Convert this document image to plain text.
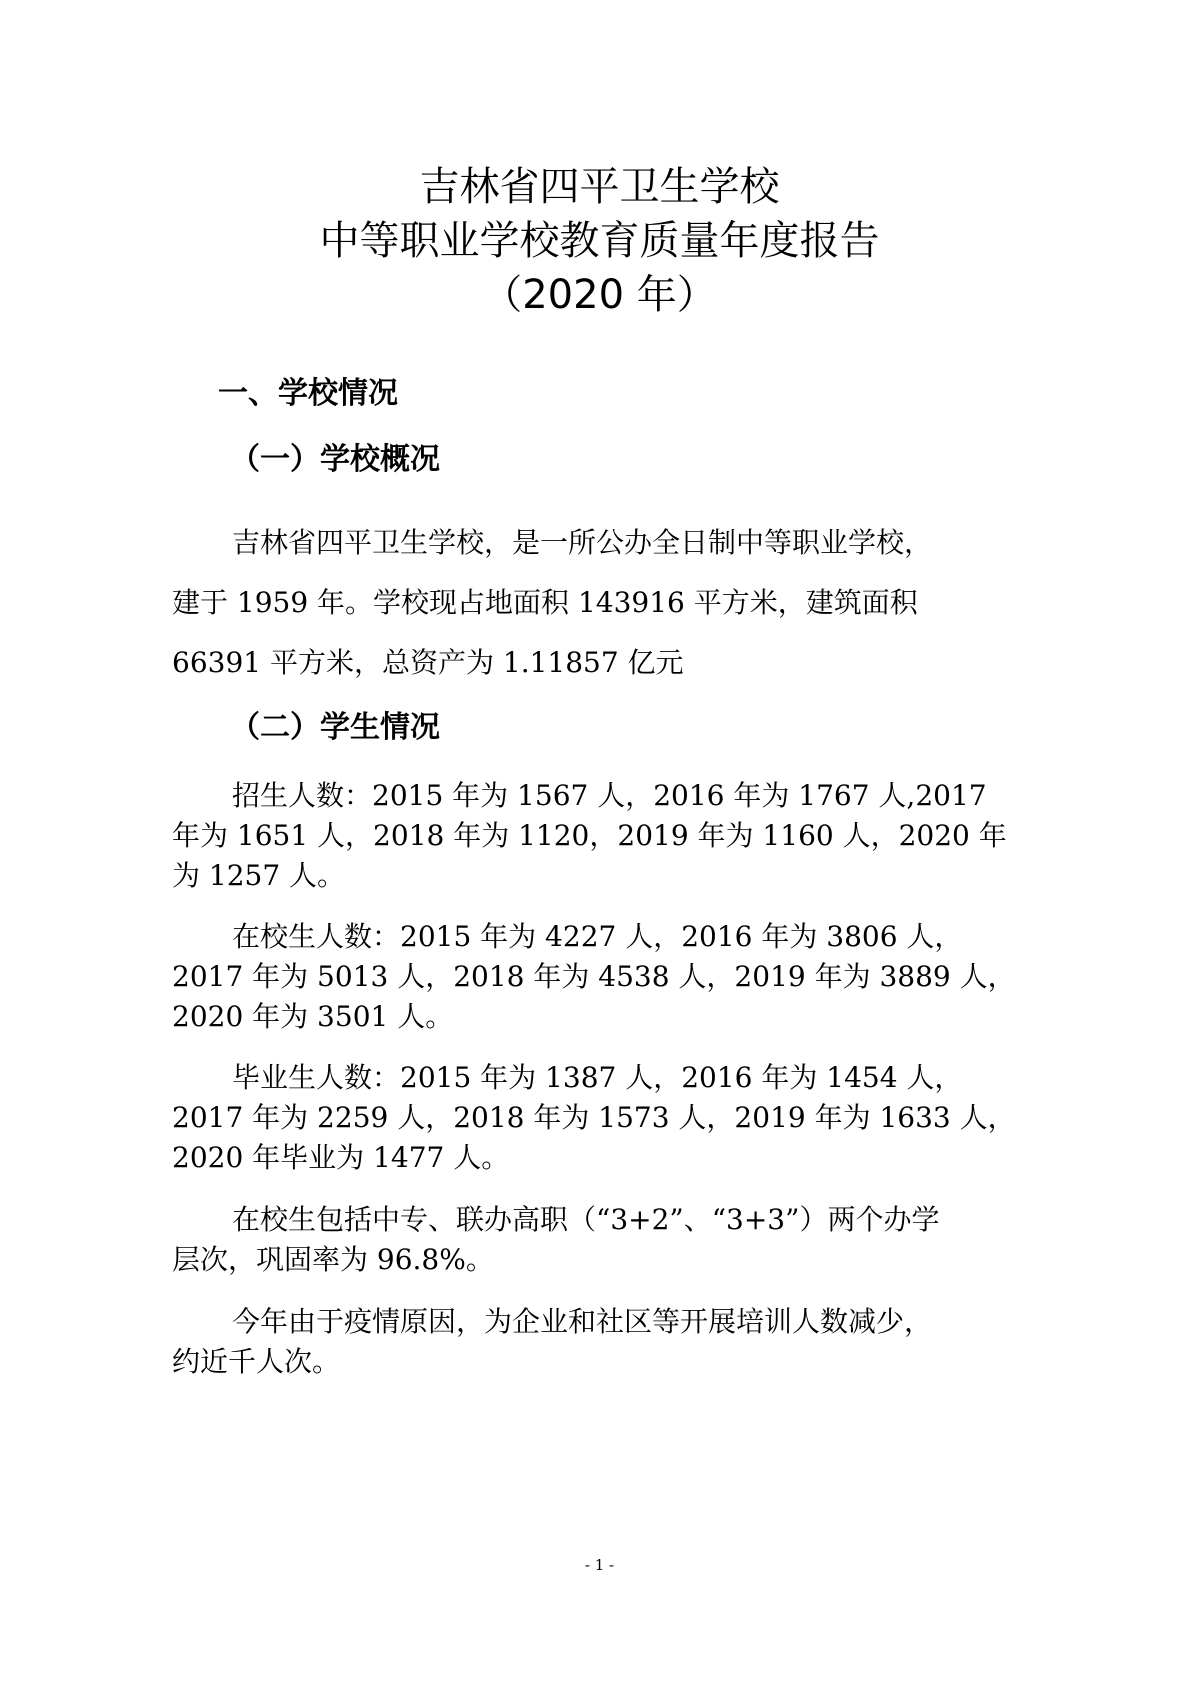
吉林省四平卫生学校
中等职业学校教育质量年度报告
（2020 年）
一、学校情况
（一）学校概况
吉林省四平卫生学校，是一所公办全日制中等职业学校，
建于 1959 年。学校现占地面积 143916 平方米，建筑面积
66391 平方米，总资产为 1.11857 亿元
（二）学生情况
招生人数：2015 年为 1567 人，2016 年为 1767 人,2017
年为 1651 人，2018 年为 1120，2019 年为 1160 人，2020 年
为 1257 人。
在校生人数：2015 年为 4227 人，2016 年为 3806 人，
2017 年为 5013 人，2018 年为 4538 人，2019 年为 3889 人，
2020 年为 3501 人。
毕业生人数：2015 年为 1387 人，2016 年为 1454 人，
2017 年为 2259 人，2018 年为 1573 人，2019 年为 1633 人，
2020 年毕业为 1477 人。
在校生包括中专、联办高职（“3+2”、“3+3”）两个办学
层次，巩固率为 96.8%。
今年由于疫情原因，为企业和社区等开展培训人数减少，
约近千人次。
- 1 -
